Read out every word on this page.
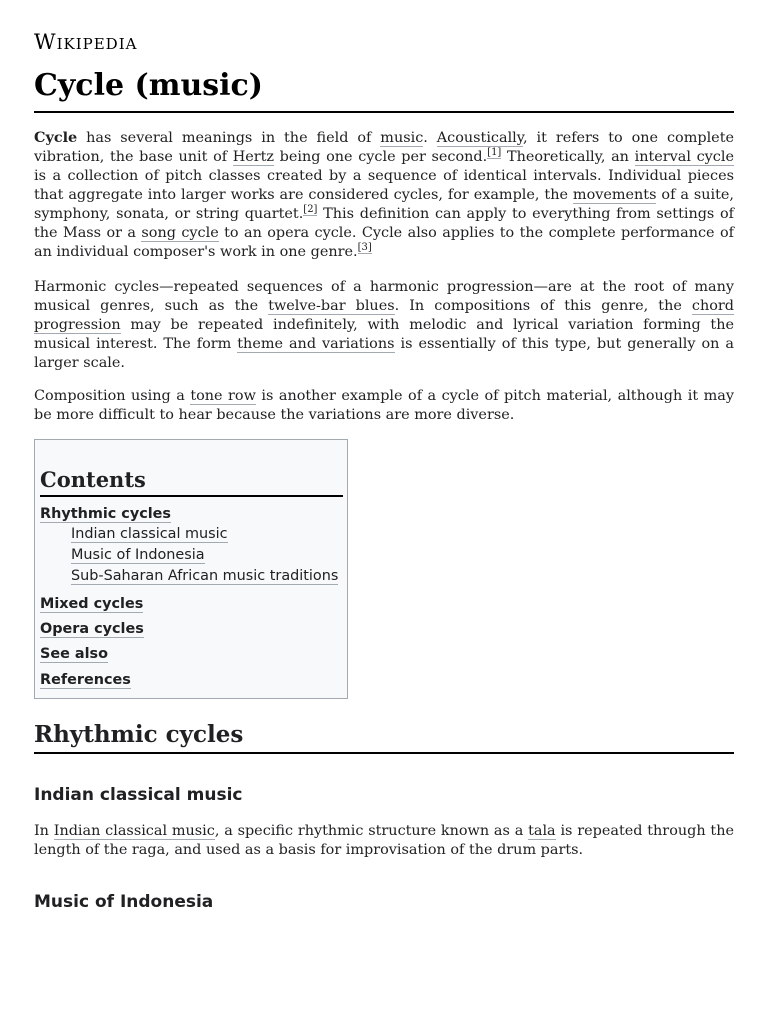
Wikipedia
Cycle (music)

Cycle has several meanings in the field of music. Acoustically, it refers to one complete vibration, the base unit of Hertz being one cycle per second.[1] Theoretically, an interval cycle is a collection of pitch classes created by a sequence of identical intervals. Individual pieces that aggregate into larger works are considered cycles, for example, the movements of a suite, symphony, sonata, or string quartet.[2] This definition can apply to everything from settings of the Mass or a song cycle to an opera cycle. Cycle also applies to the complete performance of an individual composer's work in one genre.[3]

Harmonic cycles—repeated sequences of a harmonic progression—are at the root of many musical genres, such as the twelve-bar blues. In compositions of this genre, the chord progression may be repeated indefinitely, with melodic and lyrical variation forming the musical interest. The form theme and variations is essentially of this type, but generally on a larger scale.

Composition using a tone row is another example of a cycle of pitch material, although it may be more difficult to hear because the variations are more diverse.

Contents
Rhythmic cycles
Indian classical music
Music of Indonesia
Sub-Saharan African music traditions
Mixed cycles
Opera cycles
See also
References
Rhythmic cycles
Indian classical music

In Indian classical music, a specific rhythmic structure known as a tala is repeated through the length of the raga, and used as a basis for improvisation of the drum parts.

Music of Indonesia
